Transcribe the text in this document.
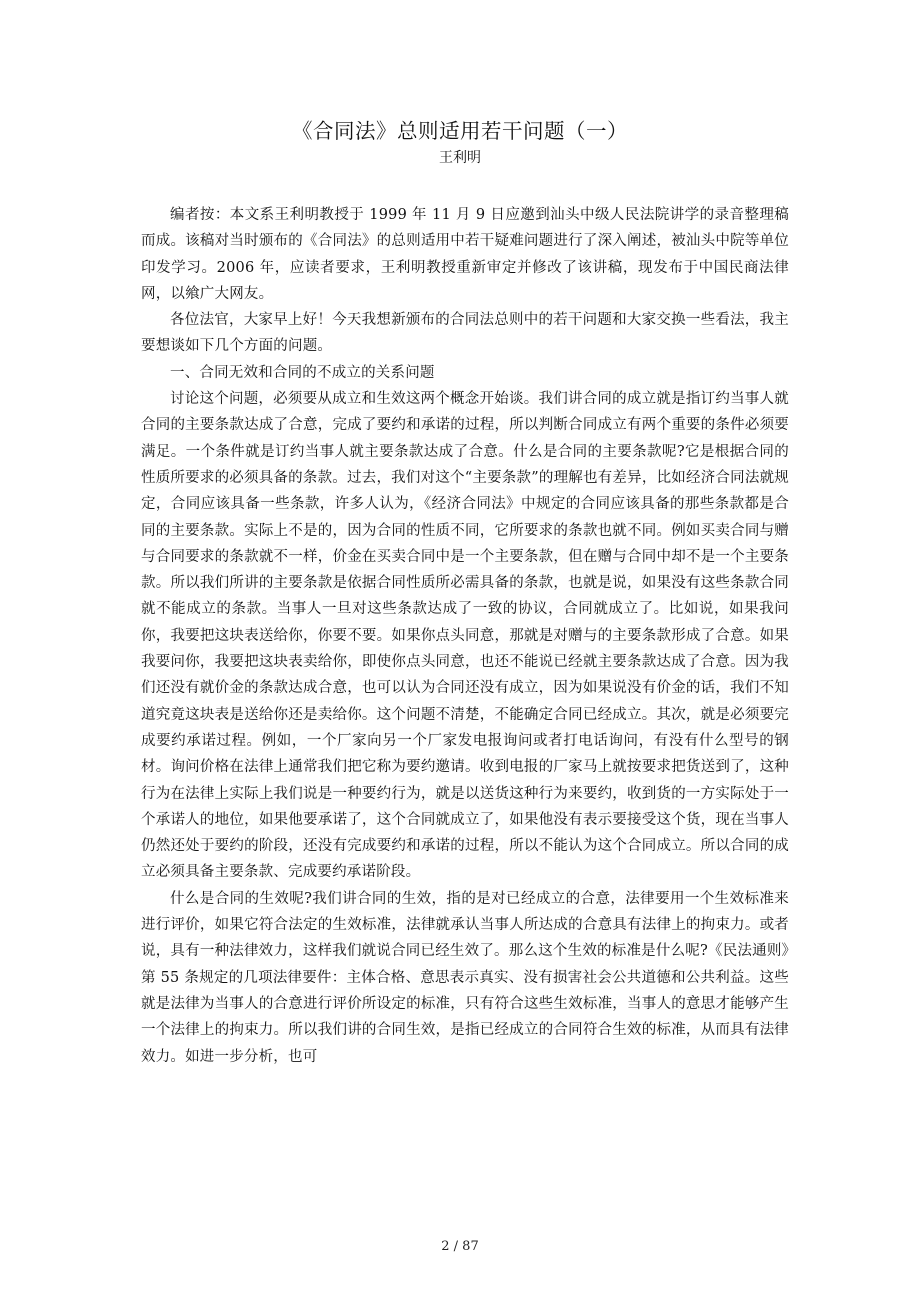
《合同法》总则适用若干问题（一）
王利明

编者按：本文系王利明教授于 1999 年 11 月 9 日应邀到汕头中级人民法院讲学的录音整理稿而成。该稿对当时颁布的《合同法》的总则适用中若干疑难问题进行了深入阐述，被汕头中院等单位印发学习。2006 年，应读者要求，王利明教授重新审定并修改了该讲稿，现发布于中国民商法律网，以飨广大网友。

各位法官，大家早上好！今天我想新颁布的合同法总则中的若干问题和大家交换一些看法，我主要想谈如下几个方面的问题。

一、合同无效和合同的不成立的关系问题

讨论这个问题，必须要从成立和生效这两个概念开始谈。我们讲合同的成立就是指订约当事人就合同的主要条款达成了合意，完成了要约和承诺的过程，所以判断合同成立有两个重要的条件必须要满足。一个条件就是订约当事人就主要条款达成了合意。什么是合同的主要条款呢?它是根据合同的性质所要求的必须具备的条款。过去，我们对这个“主要条款”的理解也有差异，比如经济合同法就规定，合同应该具备一些条款，许多人认为，《经济合同法》中规定的合同应该具备的那些条款都是合同的主要条款。实际上不是的，因为合同的性质不同，它所要求的条款也就不同。例如买卖合同与赠与合同要求的条款就不一样，价金在买卖合同中是一个主要条款，但在赠与合同中却不是一个主要条款。所以我们所讲的主要条款是依据合同性质所必需具备的条款，也就是说，如果没有这些条款合同就不能成立的条款。当事人一旦对这些条款达成了一致的协议，合同就成立了。比如说，如果我问你，我要把这块表送给你，你要不要。如果你点头同意，那就是对赠与的主要条款形成了合意。如果我要问你，我要把这块表卖给你，即使你点头同意，也还不能说已经就主要条款达成了合意。因为我们还没有就价金的条款达成合意，也可以认为合同还没有成立，因为如果说没有价金的话，我们不知道究竟这块表是送给你还是卖给你。这个问题不清楚，不能确定合同已经成立。其次，就是必须要完成要约承诺过程。例如，一个厂家向另一个厂家发电报询问或者打电话询问，有没有什么型号的钢材。询问价格在法律上通常我们把它称为要约邀请。收到电报的厂家马上就按要求把货送到了，这种行为在法律上实际上我们说是一种要约行为，就是以送货这种行为来要约，收到货的一方实际处于一个承诺人的地位，如果他要承诺了，这个合同就成立了，如果他没有表示要接受这个货，现在当事人仍然还处于要约的阶段，还没有完成要约和承诺的过程，所以不能认为这个合同成立。所以合同的成立必须具备主要条款、完成要约承诺阶段。

什么是合同的生效呢?我们讲合同的生效，指的是对已经成立的合意，法律要用一个生效标准来进行评价，如果它符合法定的生效标准，法律就承认当事人所达成的合意具有法律上的拘束力。或者说，具有一种法律效力，这样我们就说合同已经生效了。那么这个生效的标准是什么呢?《民法通则》第 55 条规定的几项法律要件：主体合格、意思表示真实、没有损害社会公共道德和公共利益。这些就是法律为当事人的合意进行评价所设定的标准，只有符合这些生效标准，当事人的意思才能够产生一个法律上的拘束力。所以我们讲的合同生效，是指已经成立的合同符合生效的标准，从而具有法律效力。如进一步分析，也可

2 / 87
